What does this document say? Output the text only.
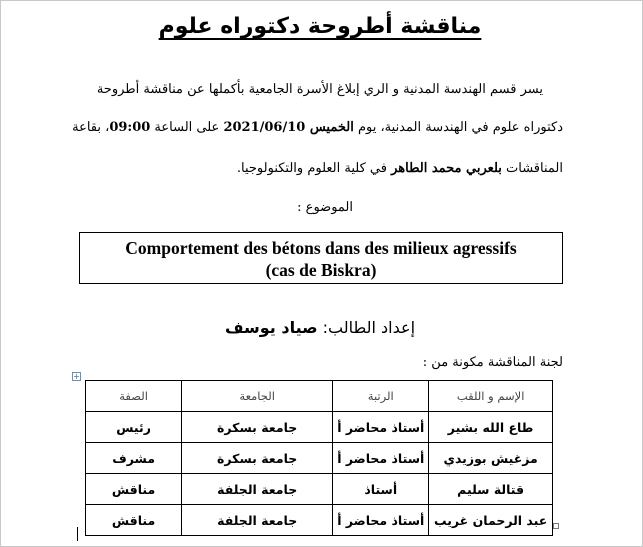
مناقشة أطروحة دكتوراه علوم
يسر قسم الهندسة المدنية و الري إبلاغ الأسرة الجامعية بأكملها عن مناقشة أطروحة
دكتوراه علوم في الهندسة المدنية، يوم الخميس 2021/06/10 على الساعة 09:00، بقاعة
المناقشات بلعربي محمد الطاهر في كلية العلوم والتكنولوجيا.
الموضوع :
Comportement des bétons dans des milieux agressifs
(cas de Biskra)
إعداد الطالب: صياد يوسف
لجنة المناقشة مكونة من :
الإسم و اللقب	الرتبة	الجامعة	الصفة
طاع الله بشير	أستاذ محاضر أ	جامعة بسكرة	رئيس
مزغيش بوزيدي	أستاذ محاضر أ	جامعة بسكرة	مشرف
قتالة سليم	أستاذ	جامعة الجلفة	مناقش
عبد الرحمان غريب	أستاذ محاضر أ	جامعة الجلفة	مناقش
+
